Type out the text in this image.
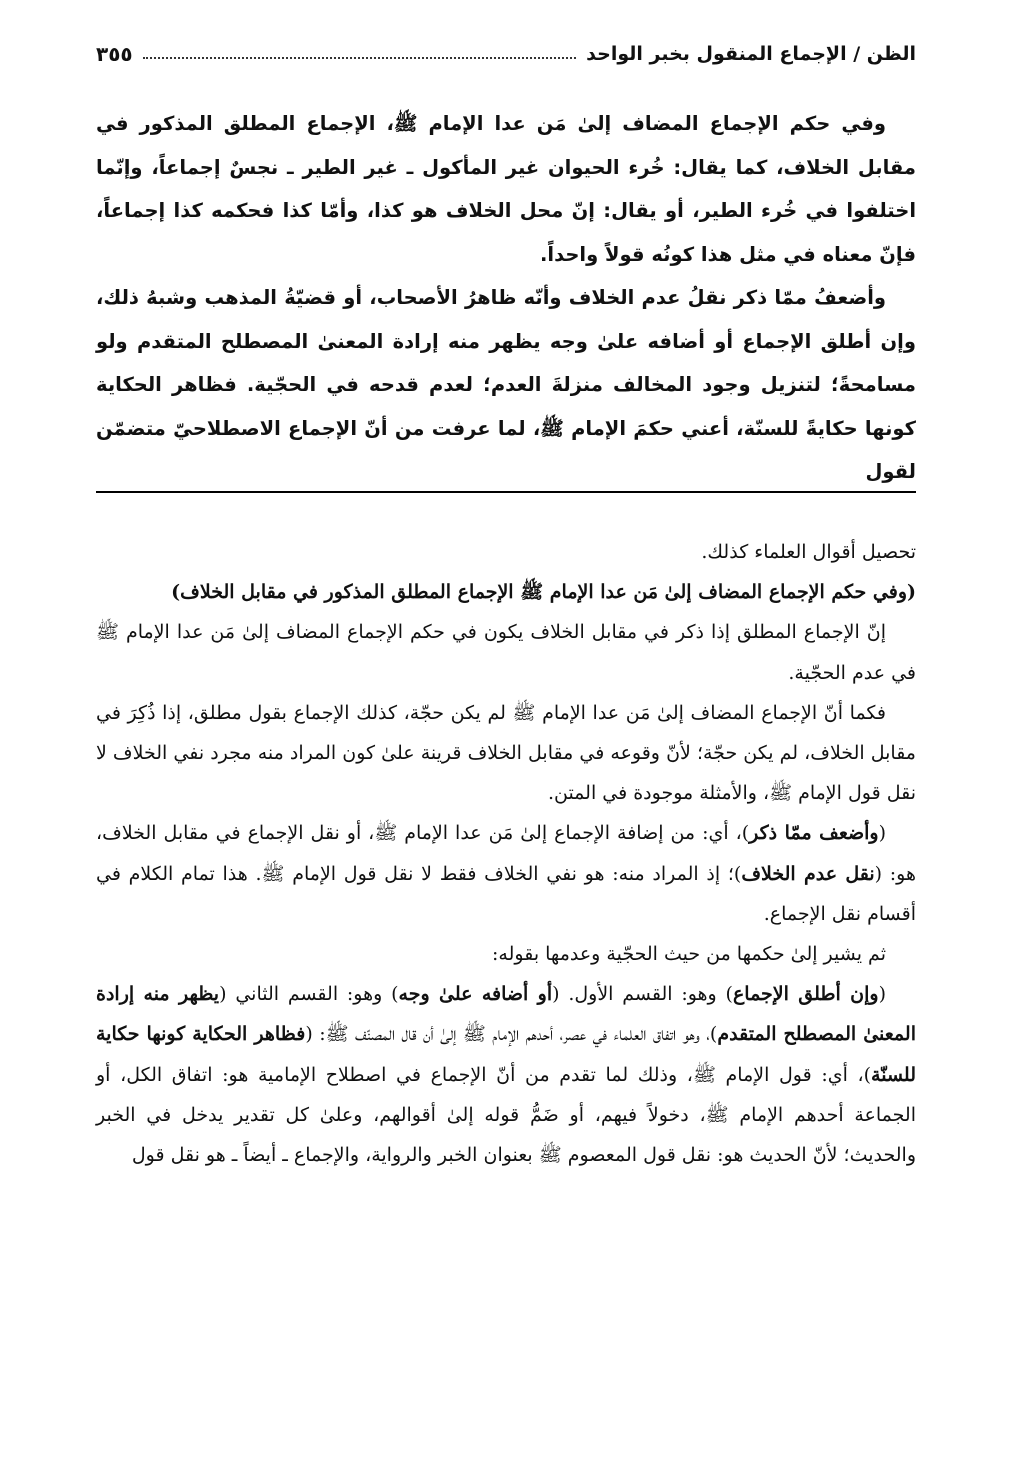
٣٥٥	الظن / الإجماع المنقول بخبر الواحد

وفي حكم الإجماع المضاف إلىٰ مَن عدا الإمام ﷺ، الإجماع المطلق المذكور في مقابل الخلاف، كما يقال: خُرء الحيوان غير المأكول ـ غير الطير ـ نجسٌ إجماعاً، وإنّما اختلفوا في خُرء الطير، أو يقال: إنّ محل الخلاف هو كذا، وأمّا كذا فحكمه كذا إجماعاً، فإنّ معناه في مثل هذا كونُه قولاً واحداً.

وأضعفُ ممّا ذكر نقلُ عدم الخلاف وأنّه ظاهرُ الأصحاب، أو قضيّةُ المذهب وشبهُ ذلك، وإن أطلق الإجماع أو أضافه علىٰ وجه يظهر منه إرادة المعنىٰ المصطلح المتقدم ولو مسامحةً؛ لتنزيل وجود المخالف منزلةَ العدم؛ لعدم قدحه في الحجّية. فظاهر الحكاية كونها حكايةً للسنّة، أعني حكمَ الإمام ﷺ، لما عرفت من أنّ الإجماع الاصطلاحيّ متضمّن لقول

تحصيل أقوال العلماء كذلك.

(وفي حكم الإجماع المضاف إلىٰ مَن عدا الإمام ﷺ الإجماع المطلق المذكور في مقابل الخلاف)

إنّ الإجماع المطلق إذا ذكر في مقابل الخلاف يكون في حكم الإجماع المضاف إلىٰ مَن عدا الإمام ﷺ في عدم الحجّية.

فكما أنّ الإجماع المضاف إلىٰ مَن عدا الإمام ﷺ لم يكن حجّة، كذلك الإجماع بقول مطلق، إذا ذُكِرَ في مقابل الخلاف، لم يكن حجّة؛ لأنّ وقوعه في مقابل الخلاف قرينة علىٰ كون المراد منه مجرد نفي الخلاف لا نقل قول الإمام ﷺ، والأمثلة موجودة في المتن.

(وأضعف ممّا ذكر)، أي: من إضافة الإجماع إلىٰ مَن عدا الإمام ﷺ، أو نقل الإجماع في مقابل الخلاف، هو: (نقل عدم الخلاف)؛ إذ المراد منه: هو نفي الخلاف فقط لا نقل قول الإمام ﷺ. هذا تمام الكلام في أقسام نقل الإجماع.

ثم يشير إلىٰ حكمها من حيث الحجّية وعدمها بقوله:

(وإن أطلق الإجماع) وهو: القسم الأول. (أو أضافه علىٰ وجه) وهو: القسم الثاني (يظهر منه إرادة المعنىٰ المصطلح المتقدم)، وهو اتفاق العلماء في عصر، أحدهم الإمام ﷺ إلىٰ أن قال المصنّف ﷺ: (فظاهر الحكاية كونها حكاية للسنّة)، أي: قول الإمام ﷺ، وذلك لما تقدم من أنّ الإجماع في اصطلاح الإمامية هو: اتفاق الكل، أو الجماعة أحدهم الإمام ﷺ، دخولاً فيهم، أو ضَمُّ قوله إلىٰ أقوالهم، وعلىٰ كل تقدير يدخل في الخبر والحديث؛ لأنّ الحديث هو: نقل قول المعصوم ﷺ بعنوان الخبر والرواية، والإجماع ـ أيضاً ـ هو نقل قول
